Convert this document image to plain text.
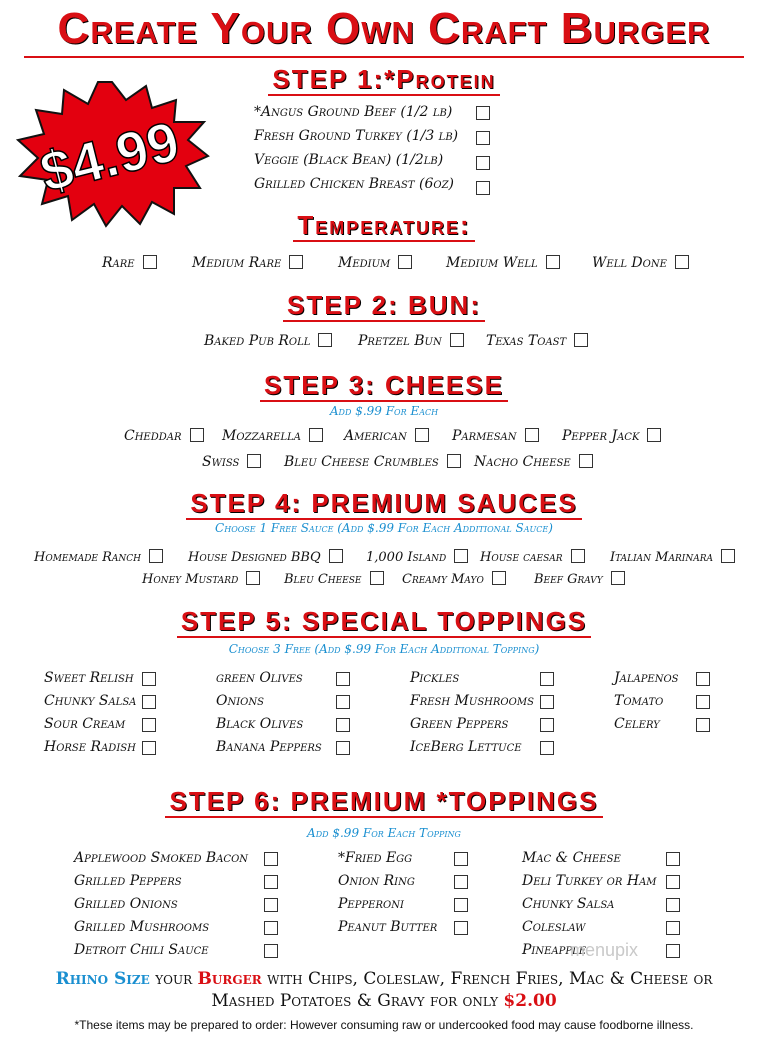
Create Your Own Craft Burger
$4.99
STEP 1:*Protein
*Angus Ground Beef (1/2 lb)
Fresh Ground Turkey (1/3 lb)
Veggie (Black Bean) (1/2lb)
Grilled Chicken Breast (6oz)
Temperature:
Rare	Medium Rare	Medium	Medium Well	Well Done
STEP 2: BUN:
Baked Pub Roll	Pretzel Bun	Texas Toast
STEP 3: CHEESE
Add $.99 For Each
Cheddar	Mozzarella	American	Parmesan	Pepper Jack
Swiss	Bleu Cheese Crumbles	Nacho Cheese
STEP 4: PREMIUM SAUCES
Choose 1 Free Sauce (Add $.99 For Each Additional Sauce)
Homemade Ranch	House Designed BBQ	1,000 Island	House caesar	Italian Marinara
Honey Mustard	Bleu Cheese	Creamy Mayo	Beef Gravy
STEP 5: SPECIAL TOPPINGS
Choose 3 Free (Add $.99 For Each Additional Topping)
Sweet Relish
Chunky Salsa
Sour Cream
Horse Radish
green Olives
Onions
Black Olives
Banana Peppers
Pickles
Fresh Mushrooms
Green Peppers
IceBerg Lettuce
Jalapenos
Tomato
Celery
STEP 6: PREMIUM *TOPPINGS
Add $.99 For Each Topping
Applewood Smoked Bacon
Grilled Peppers
Grilled Onions
Grilled Mushrooms
Detroit Chili Sauce
*Fried Egg
Onion Ring
Pepperoni
Peanut Butter
Mac & Cheese
Deli Turkey or Ham
Chunky Salsa
Coleslaw
Pineapple
menupix
Rhino Size your Burger with Chips, Coleslaw, French Fries, Mac & Cheese or
Mashed Potatoes & Gravy for only $2.00
*These items may be prepared to order: However consuming raw or undercooked food may cause foodborne illness.
